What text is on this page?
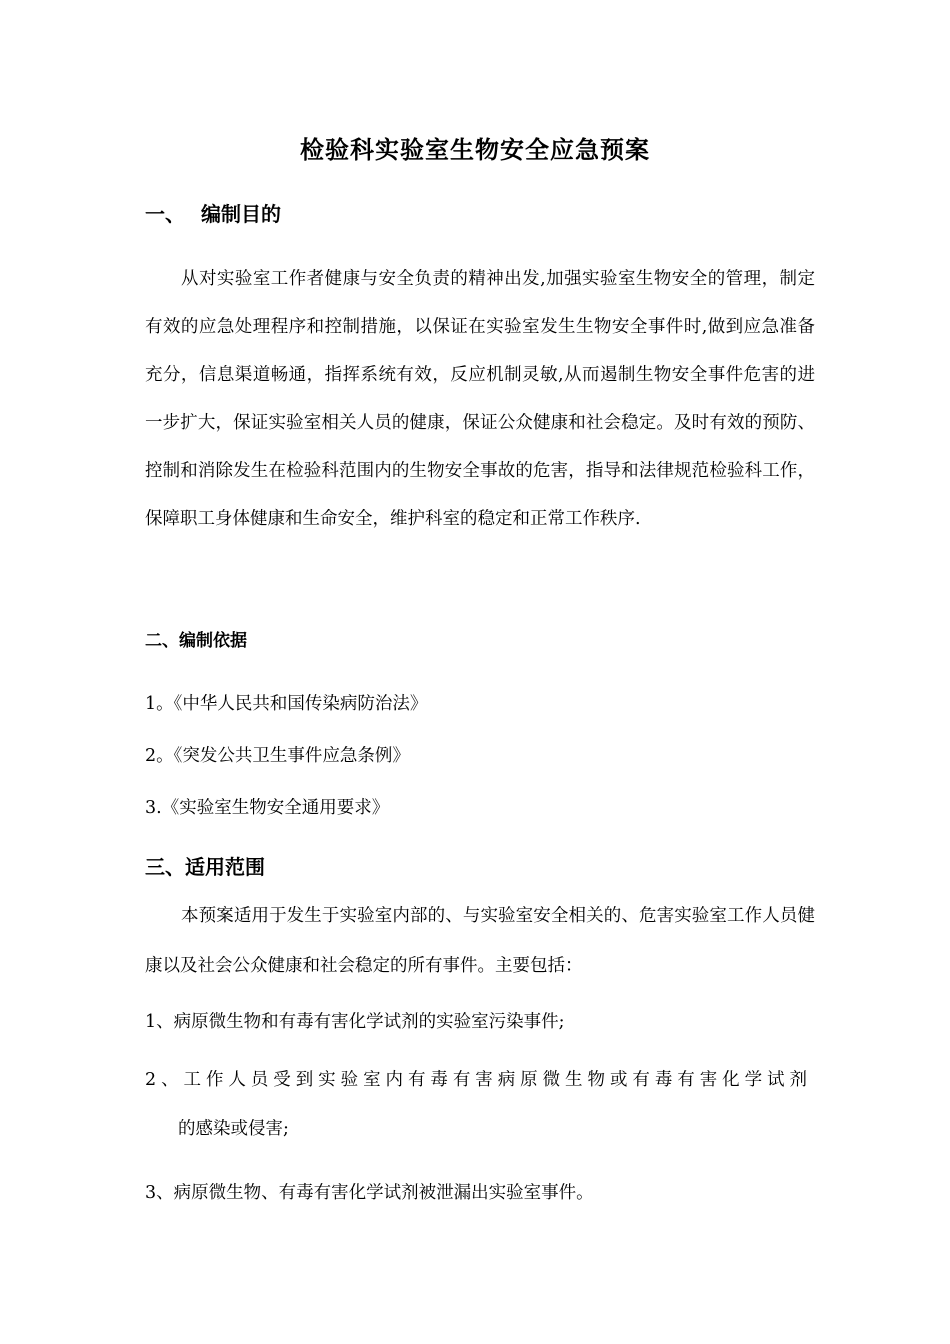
检验科实验室生物安全应急预案
一、 编制目的

从对实验室工作者健康与安全负责的精神出发,加强实验室生物安全的管理，制定有效的应急处理程序和控制措施，以保证在实验室发生生物安全事件时,做到应急准备充分，信息渠道畅通，指挥系统有效，反应机制灵敏,从而遏制生物安全事件危害的进一步扩大，保证实验室相关人员的健康，保证公众健康和社会稳定。及时有效的预防、控制和消除发生在检验科范围内的生物安全事故的危害，指导和法律规范检验科工作，保障职工身体健康和生命安全，维护科室的稳定和正常工作秩序.

二、编制依据
1。《中华人民共和国传染病防治法》
2。《突发公共卫生事件应急条例》
3.《实验室生物安全通用要求》
三、适用范围

本预案适用于发生于实验室内部的、与实验室安全相关的、危害实验室工作人员健康以及社会公众健康和社会稳定的所有事件。主要包括：

1、病原微生物和有毒有害化学试剂的实验室污染事件;
2、工作人员受到实验室内有毒有害病原微生物或有毒有害化学试剂
的感染或侵害;
3、病原微生物、有毒有害化学试剂被泄漏出实验室事件。
